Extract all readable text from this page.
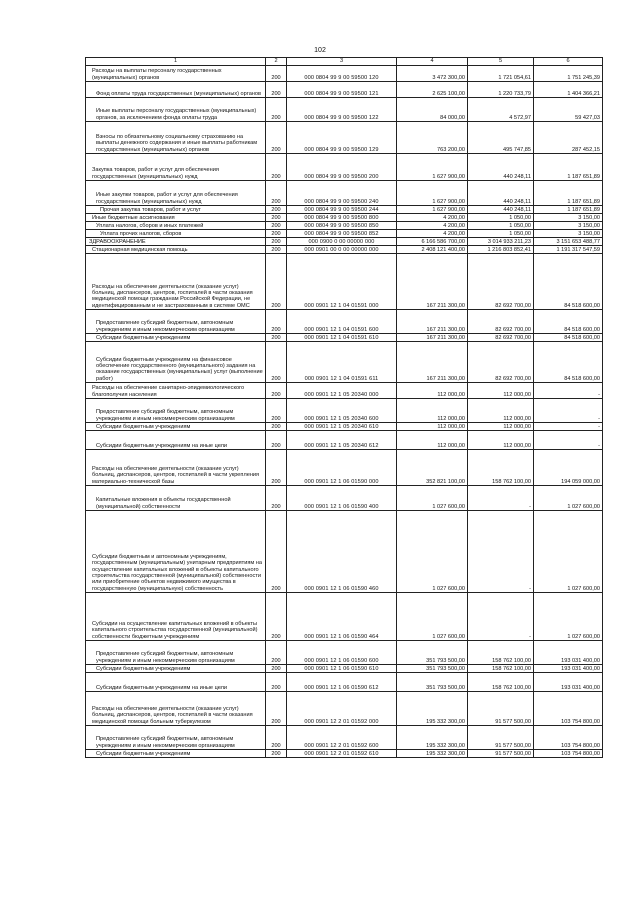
102
1	2	3	4	5	6
Расходы на выплаты персоналу государственных (муниципальных) органов	200	000 0804 99 9 00 59500 120	3 472 300,00	1 721 054,61	1 751 245,39
Фонд оплаты труда государственных (муниципальных) органов	200	000 0804 99 9 00 59500 121	2 625 100,00	1 220 733,79	1 404 366,21
Иные выплаты персоналу государственных (муниципальных) органов, за исключением фонда оплаты труда	200	000 0804 99 9 00 59500 122	84 000,00	4 572,97	59 427,03
Взносы по обязательному социальному страхованию на выплаты денежного содержания и иные выплаты работникам государственных (муниципальных) органов	200	000 0804 99 9 00 59500 129	763 200,00	495 747,85	287 452,15
Закупка товаров, работ и услуг для обеспечения государственных (муниципальных) нужд	200	000 0804 99 9 00 59500 200	1 627 900,00	440 248,11	1 187 651,89
Иные закупки товаров, работ и услуг для обеспечения государственных (муниципальных) нужд	200	000 0804 99 9 00 59500 240	1 627 900,00	440 248,11	1 187 651,89
Прочая закупка товаров, работ и услуг	200	000 0804 99 9 00 59500 244	1 627 900,00	440 248,11	1 187 651,89
Иные бюджетные ассигнования	200	000 0804 99 9 00 59500 800	4 200,00	1 050,00	3 150,00
Уплата налогов, сборов и иных платежей	200	000 0804 99 9 00 59500 850	4 200,00	1 050,00	3 150,00
Уплата прочих налогов, сборов	200	000 0804 99 9 00 59500 852	4 200,00	1 050,00	3 150,00
ЗДРАВООХРАНЕНИЕ	200	000 0900 0 00 00000 000	6 166 586 700,00	3 014 933 211,23	3 151 653 488,77
Стационарная медицинская помощь	200	000 0901 00 0 00 00000 000	2 408 121 400,00	1 216 803 852,41	1 191 317 547,59
Расходы на обеспечение деятельности (оказание услуг) больниц, диспансеров, центров, госпиталей в части оказания медицинской помощи гражданам Российской Федерации, не идентифицированным и не застрахованным в системе ОМС	200	000 0901 12 1 04 01591 000	167 211 300,00	82 692 700,00	84 518 600,00
Предоставление субсидий бюджетным, автономным учреждениям и иным некоммерческим организациям	200	000 0901 12 1 04 01591 600	167 211 300,00	82 692 700,00	84 518 600,00
Субсидии бюджетным учреждениям	200	000 0901 12 1 04 01591 610	167 211 300,00	82 692 700,00	84 518 600,00
Субсидии бюджетным учреждениям на финансовое обеспечение государственного (муниципального) задания на оказание государственных (муниципальных) услуг (выполнение работ)	200	000 0901 12 1 04 01591 611	167 211 300,00	82 692 700,00	84 518 600,00
Расходы на обеспечение санитарно-эпидемиологического благополучия населения	200	000 0901 12 1 05 20340 000	112 000,00	112 000,00	-
Предоставление субсидий бюджетным, автономным учреждениям и иным некоммерческим организациям	200	000 0901 12 1 05 20340 600	112 000,00	112 000,00	-
Субсидии бюджетным учреждениям	200	000 0901 12 1 05 20340 610	112 000,00	112 000,00	-
Субсидии бюджетным учреждениям на иные цели	200	000 0901 12 1 05 20340 612	112 000,00	112 000,00	-
Расходы на обеспечение деятельности (оказание услуг) больниц, диспансеров, центров, госпиталей в части укрепления материально-технической базы	200	000 0901 12 1 06 01590 000	352 821 100,00	158 762 100,00	194 059 000,00
Капитальные вложения в объекты государственной (муниципальной) собственности	200	000 0901 12 1 06 01590 400	1 027 600,00	-	1 027 600,00
Субсидии бюджетным и автономным учреждениям, государственным (муниципальным) унитарным предприятиям на осуществление капитальных вложений в объекты капитального строительства государственной (муниципальной) собственности или приобретение объектов недвижимого имущества в государственную (муниципальную) собственность	200	000 0901 12 1 06 01590 460	1 027 600,00	-	1 027 600,00
Субсидии на осуществление капитальных вложений в объекты капитального строительства государственной (муниципальной) собственности бюджетным учреждениям	200	000 0901 12 1 06 01590 464	1 027 600,00	-	1 027 600,00
Предоставление субсидий бюджетным, автономным учреждениям и иным некоммерческим организациям	200	000 0901 12 1 06 01590 600	351 793 500,00	158 762 100,00	193 031 400,00
Субсидии бюджетным учреждениям	200	000 0901 12 1 06 01590 610	351 793 500,00	158 762 100,00	193 031 400,00
Субсидии бюджетным учреждениям на иные цели	200	000 0901 12 1 06 01590 612	351 793 500,00	158 762 100,00	193 031 400,00
Расходы на обеспечение деятельности (оказание услуг) больниц, диспансеров, центров, госпиталей в части оказания медицинской помощи больным туберкулезом	200	000 0901 12 2 01 01592 000	195 332 300,00	91 577 500,00	103 754 800,00
Предоставление субсидий бюджетным, автономным учреждениям и иным некоммерческим организациям	200	000 0901 12 2 01 01592 600	195 332 300,00	91 577 500,00	103 754 800,00
Субсидии бюджетным учреждениям	200	000 0901 12 2 01 01592 610	195 332 300,00	91 577 500,00	103 754 800,00
